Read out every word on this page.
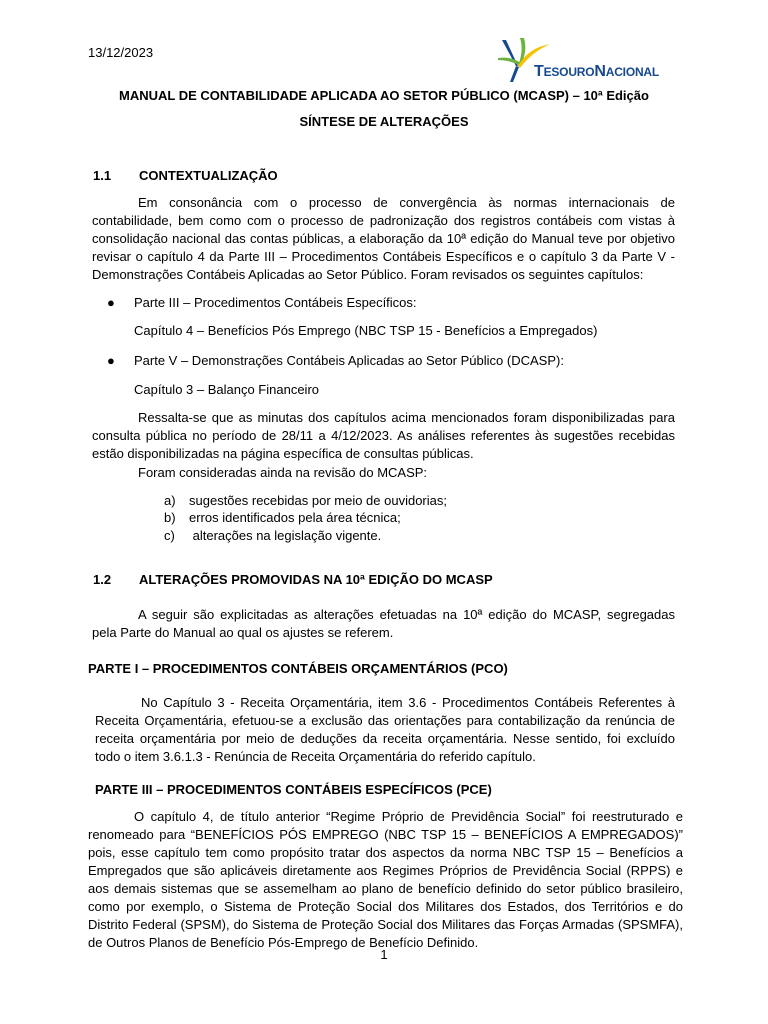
13/12/2023
TESOURONACIONAL
MANUAL DE CONTABILIDADE APLICADA AO SETOR PÚBLICO (MCASP) – 10ª Edição
SÍNTESE DE ALTERAÇÕES
1.1 CONTEXTUALIZAÇÃO
Em consonância com o processo de convergência às normas internacionais de contabilidade, bem como com o processo de padronização dos registros contábeis com vistas à consolidação nacional das contas públicas, a elaboração da 10ª edição do Manual teve por objetivo revisar o capítulo 4 da Parte III – Procedimentos Contábeis Específicos e o capítulo 3 da Parte V - Demonstrações Contábeis Aplicadas ao Setor Público. Foram revisados os seguintes capítulos:
● Parte III – Procedimentos Contábeis Específicos:
Capítulo 4 – Benefícios Pós Emprego (NBC TSP 15 - Benefícios a Empregados)
● Parte V – Demonstrações Contábeis Aplicadas ao Setor Público (DCASP):
Capítulo 3 – Balanço Financeiro
Ressalta-se que as minutas dos capítulos acima mencionados foram disponibilizadas para consulta pública no período de 28/11 a 4/12/2023. As análises referentes às sugestões recebidas estão disponibilizadas na página específica de consultas públicas.
Foram consideradas ainda na revisão do MCASP:
a) sugestões recebidas por meio de ouvidorias;
b) erros identificados pela área técnica;
c) alterações na legislação vigente.
1.2 ALTERAÇÕES PROMOVIDAS NA 10ª EDIÇÃO DO MCASP
A seguir são explicitadas as alterações efetuadas na 10ª edição do MCASP, segregadas pela Parte do Manual ao qual os ajustes se referem.
PARTE I – PROCEDIMENTOS CONTÁBEIS ORÇAMENTÁRIOS (PCO)
No Capítulo 3 - Receita Orçamentária, item 3.6 - Procedimentos Contábeis Referentes à Receita Orçamentária, efetuou-se a exclusão das orientações para contabilização da renúncia de receita orçamentária por meio de deduções da receita orçamentária. Nesse sentido, foi excluído todo o item 3.6.1.3 - Renúncia de Receita Orçamentária do referido capítulo.
PARTE III – PROCEDIMENTOS CONTÁBEIS ESPECÍFICOS (PCE)
O capítulo 4, de título anterior “Regime Próprio de Previdência Social” foi reestruturado e renomeado para “BENEFÍCIOS PÓS EMPREGO (NBC TSP 15 – BENEFÍCIOS A EMPREGADOS)” pois, esse capítulo tem como propósito tratar dos aspectos da norma NBC TSP 15 – Benefícios a Empregados que são aplicáveis diretamente aos Regimes Próprios de Previdência Social (RPPS) e aos demais sistemas que se assemelham ao plano de benefício definido do setor público brasileiro, como por exemplo, o Sistema de Proteção Social dos Militares dos Estados, dos Territórios e do Distrito Federal (SPSM), do Sistema de Proteção Social dos Militares das Forças Armadas (SPSMFA), de Outros Planos de Benefício Pós-Emprego de Benefício Definido.
1
